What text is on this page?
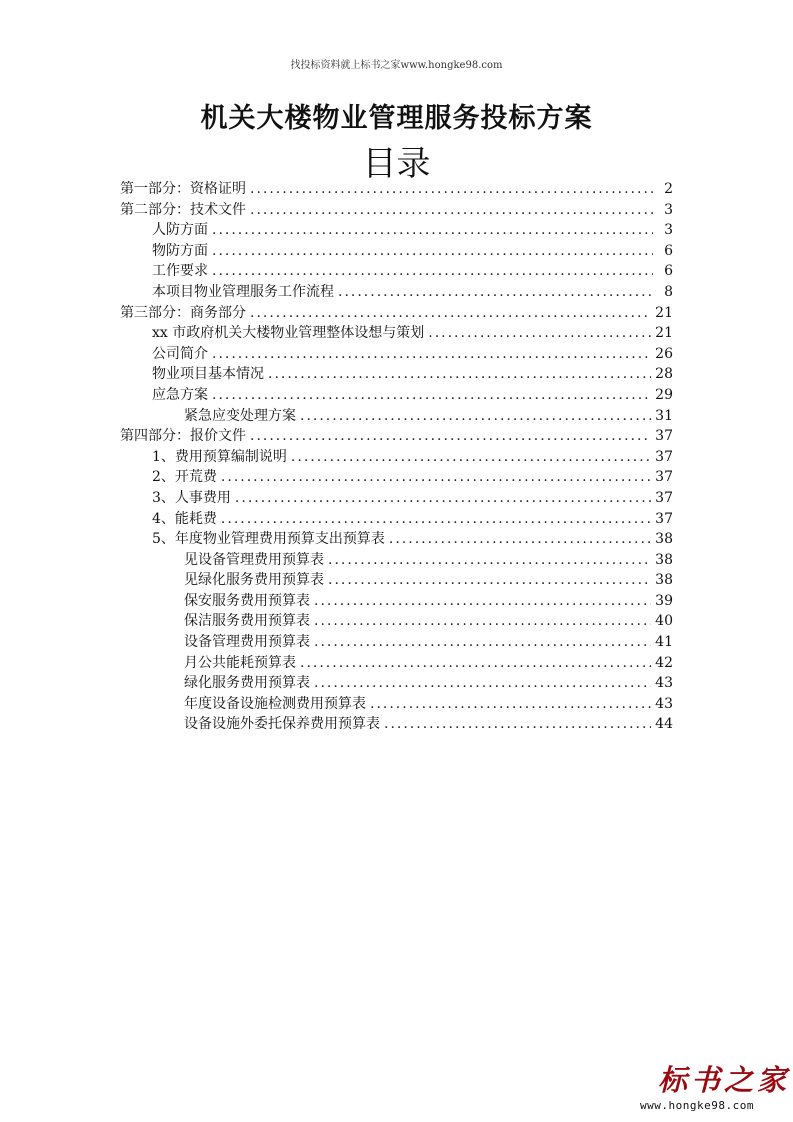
找投标资料就上标书之家www.hongke98.com
机关大楼物业管理服务投标方案
目录
第一部分：资格证明 .....	2
第二部分：技术文件 .....	3
人防方面 .....	3
物防方面 .....	6
工作要求 .....	6
本项目物业管理服务工作流程 .....	8
第三部分：商务部分 .....	21
xx 市政府机关大楼物业管理整体设想与策划 .....	21
公司简介 .....	26
物业项目基本情况 .....	28
应急方案 .....	29
紧急应变处理方案 .....	31
第四部分：报价文件 .....	37
1、费用预算编制说明 .....	37
2、开荒费 .....	37
3、人事费用 .....	37
4、能耗费 .....	37
5、年度物业管理费用预算支出预算表 .....	38
见设备管理费用预算表 .....	38
见绿化服务费用预算表 .....	38
保安服务费用预算表 .....	39
保洁服务费用预算表 .....	40
设备管理费用预算表 .....	41
月公共能耗预算表 .....	42
绿化服务费用预算表 .....	43
年度设备设施检测费用预算表 .....	43
设备设施外委托保养费用预算表 .....	44
标书之家
www.hongke98.com
